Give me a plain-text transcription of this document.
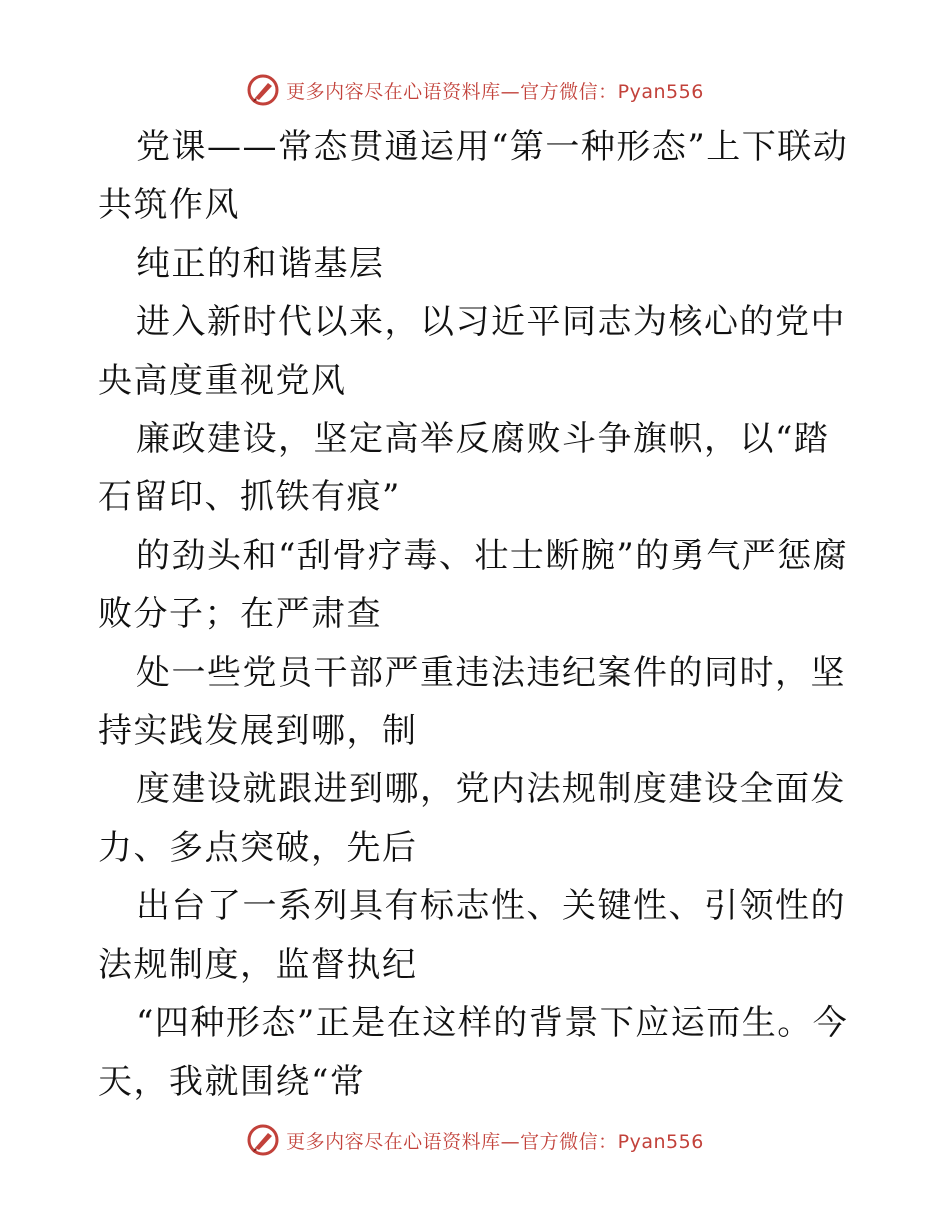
更多内容尽在心语资料库—官方微信：Pyan556

党课——常态贯通运用“第一种形态”上下联动共筑作风

纯正的和谐基层

进入新时代以来，以习近平同志为核心的党中央高度重视党风

廉政建设，坚定高举反腐败斗争旗帜，以“踏石留印、抓铁有痕”

的劲头和“刮骨疗毒、壮士断腕”的勇气严惩腐败分子；在严肃查

处一些党员干部严重违法违纪案件的同时，坚持实践发展到哪，制

度建设就跟进到哪，党内法规制度建设全面发力、多点突破，先后

出台了一系列具有标志性、关键性、引领性的法规制度，监督执纪

“四种形态”正是在这样的背景下应运而生。今天，我就围绕“常

更多内容尽在心语资料库—官方微信：Pyan556
